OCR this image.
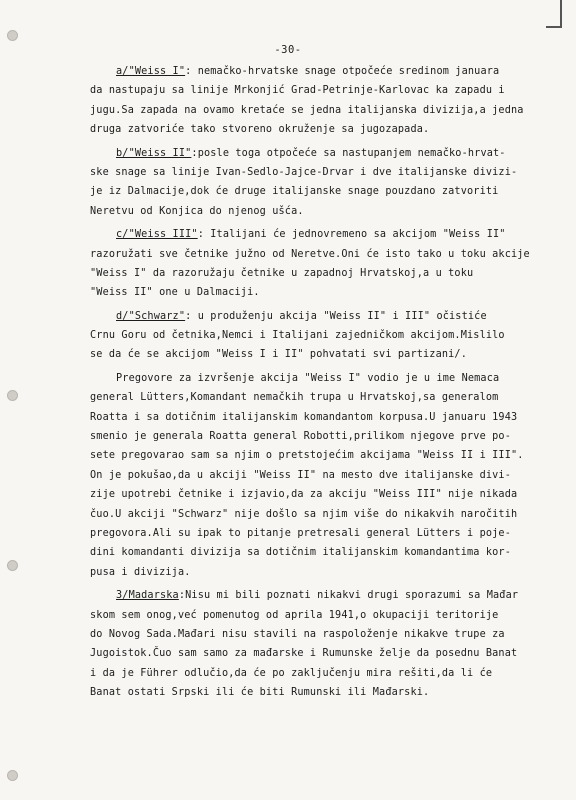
-30-
a/"Weiss I": nemačko-hrvatske snage otpočeće sredinom januara
da nastupaju sa linije Mrkonjić Grad-Petrinje-Karlovac ka zapadu i
jugu.Sa zapada na ovamo kretaće se jedna italijanska divizija,a jedna
druga zatvoriće tako stvoreno okruženje sa jugozapada.
b/"Weiss II":posle toga otpočeće sa nastupanjem nemačko-hrvat-
ske snage sa linije Ivan-Sedlo-Jajce-Drvar i dve italijanske divizi-
je iz Dalmacije,dok će druge italijanske snage pouzdano zatvoriti
Neretvu od Konjica do njenog ušća.
c/"Weiss III": Italijani će jednovremeno sa akcijom "Weiss II"
razoružati sve četnike južno od Neretve.Oni će isto tako u toku akcije
"Weiss I" da razoružaju četnike u zapadnoj Hrvatskoj,a u toku
"Weiss II" one u Dalmaciji.
d/"Schwarz": u produženju akcija "Weiss II" i III" očistiće
Crnu Goru od četnika,Nemci i Italijani zajedničkom akcijom.Mislilo
se da će se akcijom "Weiss I i II" pohvatati svi partizani/.
Pregovore za izvršenje akcija "Weiss I" vodio je u ime Nemaca
general Lütters,Komandant nemačkih trupa u Hrvatskoj,sa generalom
Roatta i sa dotičnim italijanskim komandantom korpusa.U januaru 1943
smenio je generala Roatta general Robotti,prilikom njegove prve po-
sete pregovarao sam sa njim o pretstojećim akcijama "Weiss II i III".
On je pokušao,da u akciji "Weiss II" na mesto dve italijanske divi-
zije upotrebi četnike i izjavio,da za akciju "Weiss III" nije nikada
čuo.U akciji "Schwarz" nije došlo sa njim više do nikakvih naročitih
pregovora.Ali su ipak to pitanje pretresali general Lütters i poje-
dini komandanti divizija sa dotičnim italijanskim komandantima kor-
pusa i divizija.
3/Madarska:Nisu mi bili poznati nikakvi drugi sporazumi sa Mađar
skom sem onog,već pomenutog od aprila 1941,o okupaciji teritorije
do Novog Sada.Mađari nisu stavili na raspoloženje nikakve trupe za
Jugoistok.Čuo sam samo za mađarske i Rumunske želje da posednu Banat
i da je Führer odlučio,da će po zaključenju mira rešiti,da li će
Banat ostati Srpski ili će biti Rumunski ili Mađarski.
